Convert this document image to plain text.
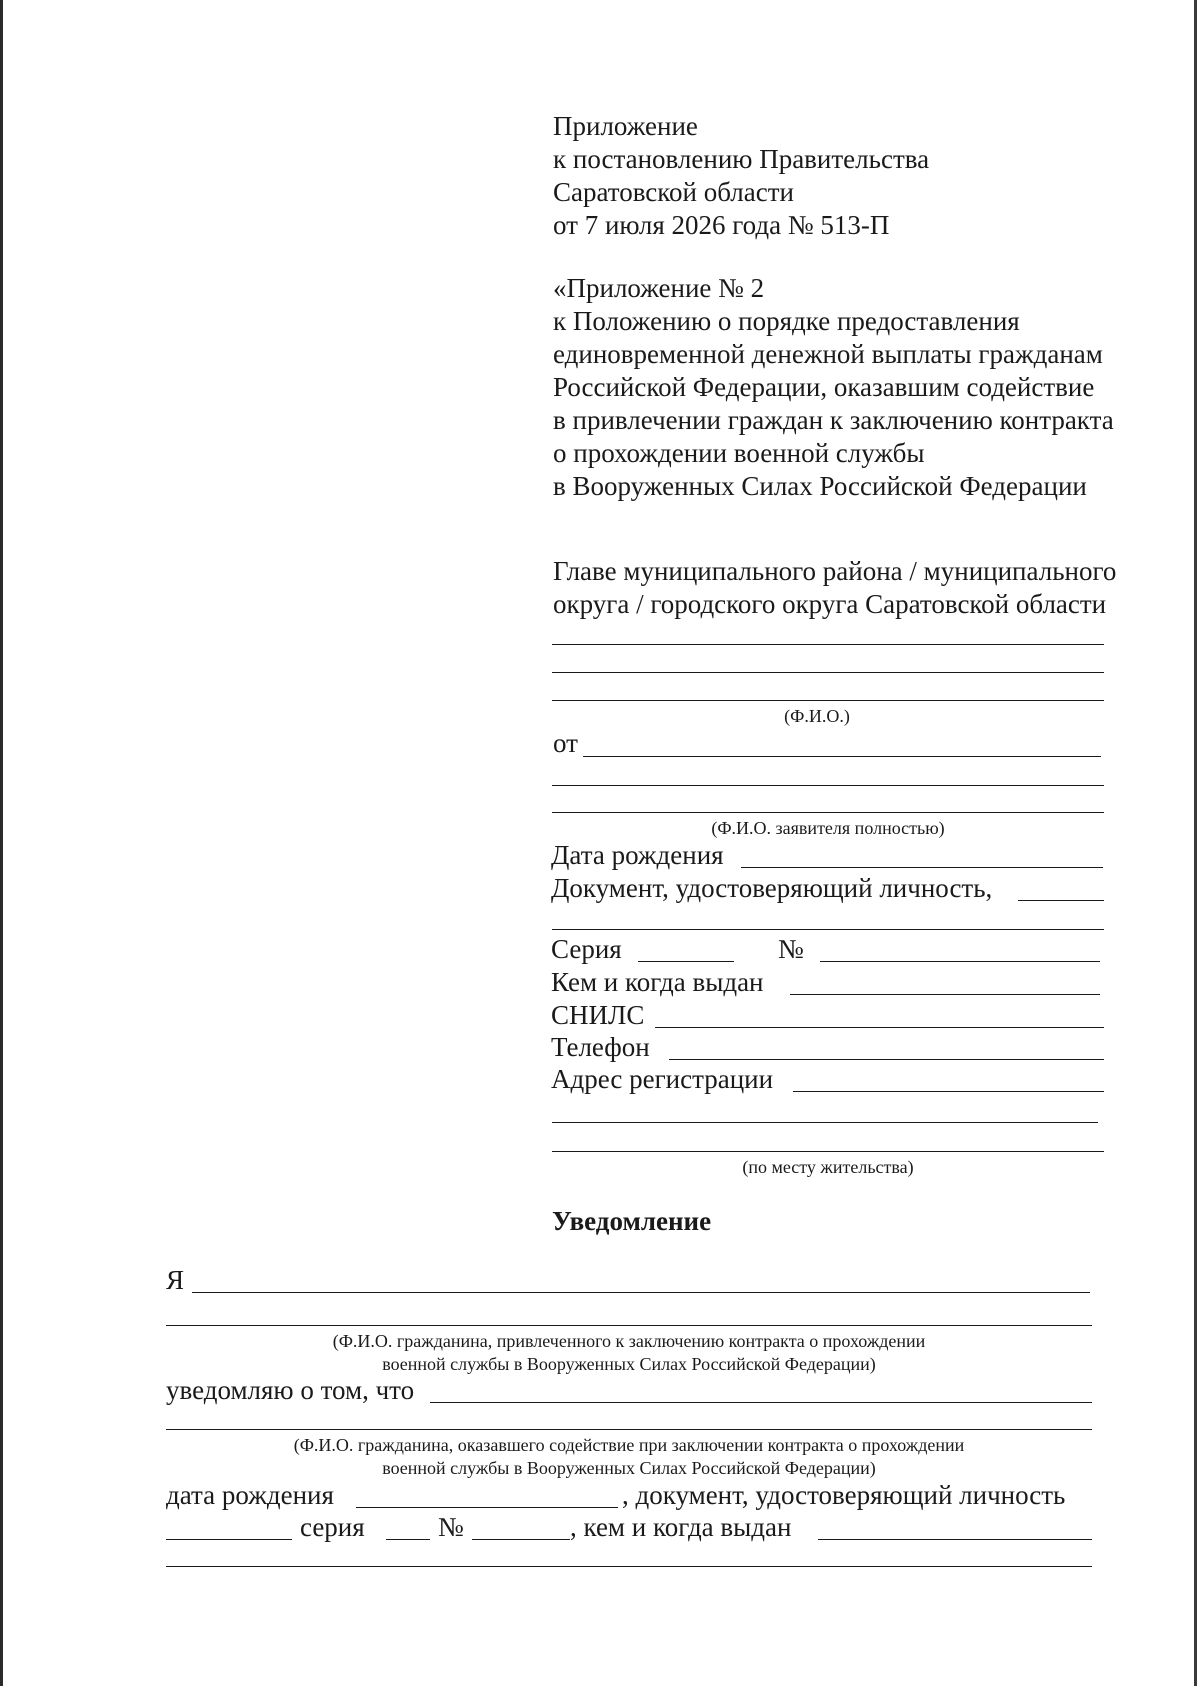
Приложение
к постановлению Правительства
Саратовской области
от 7 июля 2026 года № 513-П
«Приложение № 2
к Положению о порядке предоставления
единовременной денежной выплаты гражданам
Российской Федерации, оказавшим содействие
в привлечении граждан к заключению контракта
о прохождении военной службы
в Вооруженных Силах Российской Федерации
Главе муниципального района / муниципального
округа / городского округа Саратовской области
(Ф.И.О.)
от
(Ф.И.О. заявителя полностью)
Дата рождения
Документ, удостоверяющий личность,
Серия	№
Кем и когда выдан
СНИЛС
Телефон
Адрес регистрации
(по месту жительства)
Уведомление
Я
(Ф.И.О. гражданина, привлеченного к заключению контракта о прохождении
военной службы в Вооруженных Силах Российской Федерации)
уведомляю о том, что
(Ф.И.О. гражданина, оказавшего содействие при заключении контракта о прохождении
военной службы в Вооруженных Силах Российской Федерации)
дата рождения	, документ, удостоверяющий личность
серия	№	, кем и когда выдан
